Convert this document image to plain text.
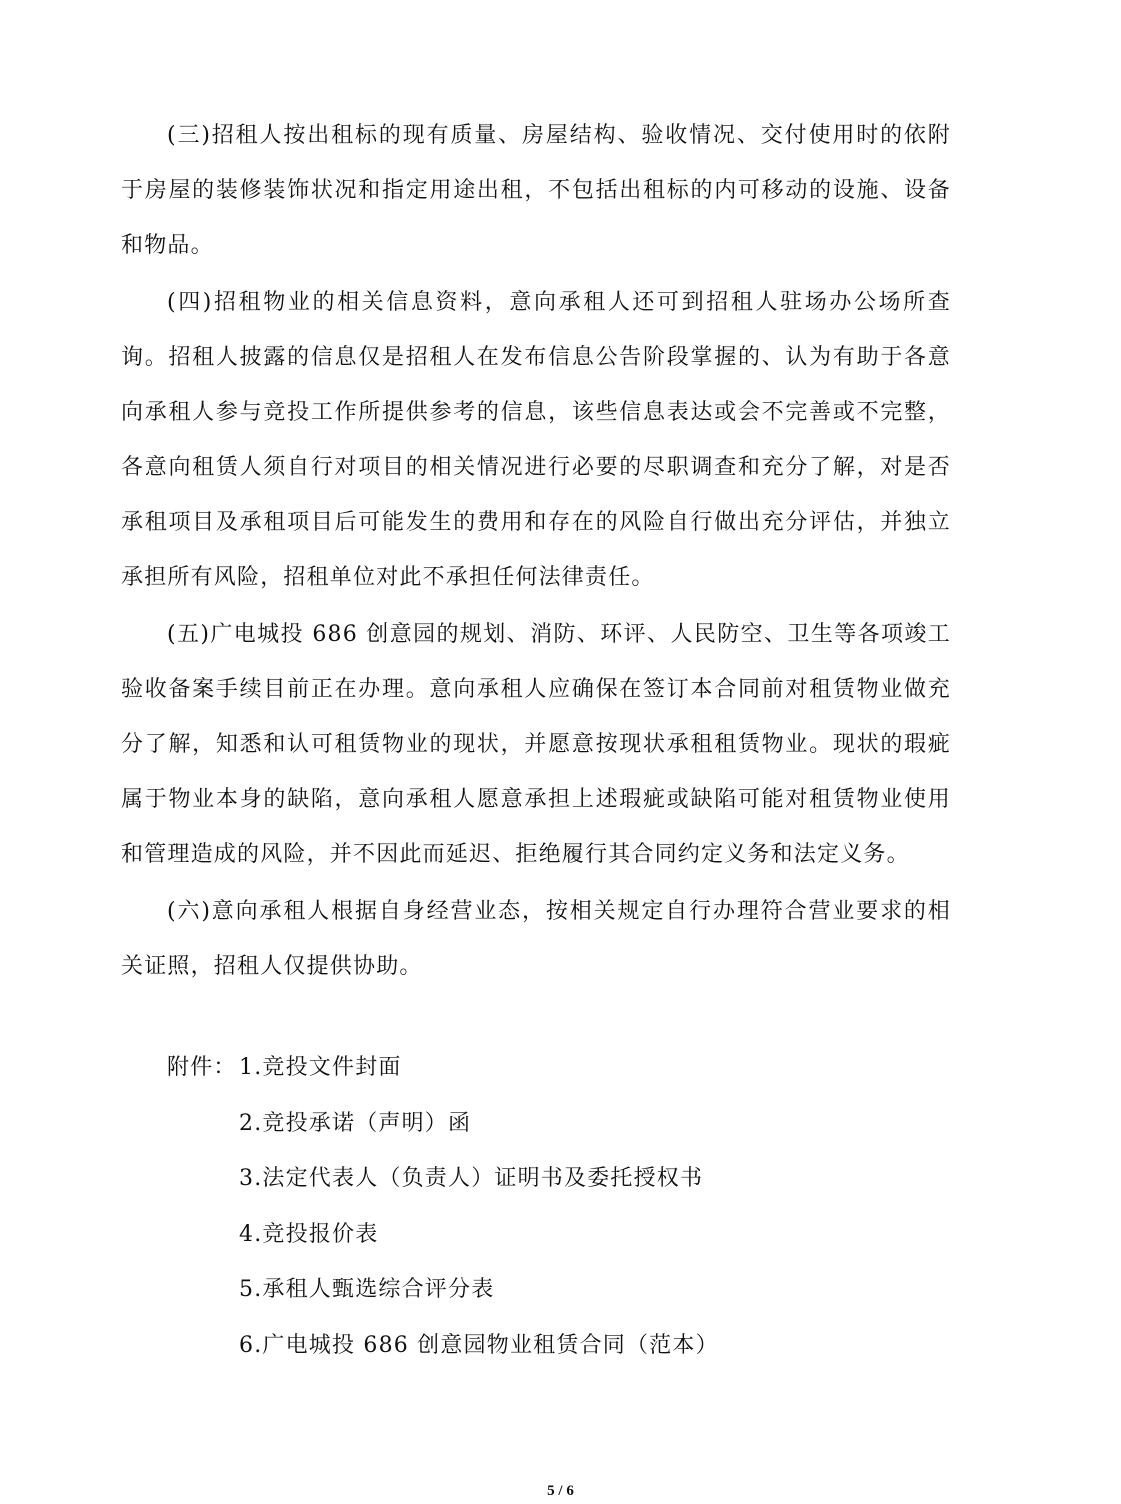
(三)招租人按出租标的现有质量、房屋结构、验收情况、交付使用时的依附于房屋的装修装饰状况和指定用途出租，不包括出租标的内可移动的设施、设备和物品。

(四)招租物业的相关信息资料，意向承租人还可到招租人驻场办公场所查询。招租人披露的信息仅是招租人在发布信息公告阶段掌握的、认为有助于各意向承租人参与竞投工作所提供参考的信息，该些信息表达或会不完善或不完整，各意向租赁人须自行对项目的相关情况进行必要的尽职调查和充分了解，对是否承租项目及承租项目后可能发生的费用和存在的风险自行做出充分评估，并独立承担所有风险，招租单位对此不承担任何法律责任。

(五)广电城投 686 创意园的规划、消防、环评、人民防空、卫生等各项竣工验收备案手续目前正在办理。意向承租人应确保在签订本合同前对租赁物业做充分了解，知悉和认可租赁物业的现状，并愿意按现状承租租赁物业。现状的瑕疵属于物业本身的缺陷，意向承租人愿意承担上述瑕疵或缺陷可能对租赁物业使用和管理造成的风险，并不因此而延迟、拒绝履行其合同约定义务和法定义务。

(六)意向承租人根据自身经营业态，按相关规定自行办理符合营业要求的相关证照，招租人仅提供协助。

附件： 1.竞投文件封面
2.竞投承诺（声明）函
3.法定代表人（负责人）证明书及委托授权书
4.竞投报价表
5.承租人甄选综合评分表
6.广电城投 686 创意园物业租赁合同（范本）
5 / 6
